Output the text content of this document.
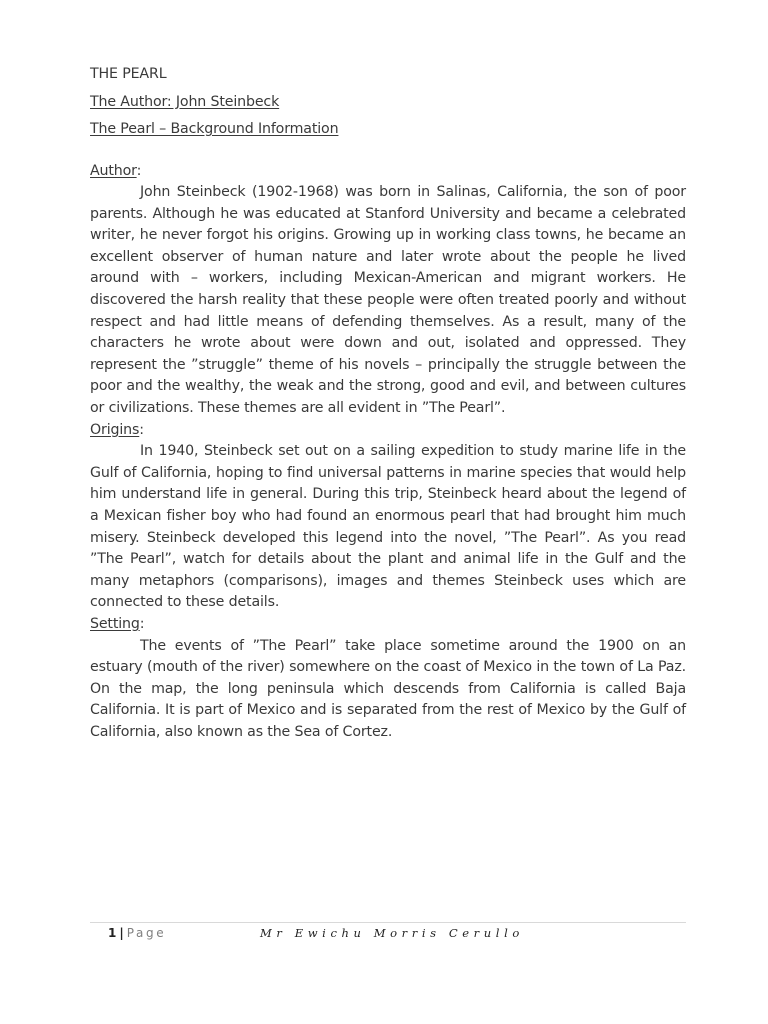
THE PEARL
The Author: John Steinbeck
The Pearl – Background Information
Author:

John Steinbeck (1902-1968) was born in Salinas, California, the son of poor parents. Although he was educated at Stanford University and became a celebrated writer, he never forgot his origins. Growing up in working class towns, he became an excellent observer of human nature and later wrote about the people he lived around with – workers, including Mexican-American and migrant workers. He discovered the harsh reality that these people were often treated poorly and without respect and had little means of defending themselves. As a result, many of the characters he wrote about were down and out, isolated and oppressed. They represent the ”struggle” theme of his novels – principally the struggle between the poor and the wealthy, the weak and the strong, good and evil, and between cultures or civilizations. These themes are all evident in ”The Pearl”.

Origins:

In 1940, Steinbeck set out on a sailing expedition to study marine life in the Gulf of California, hoping to find universal patterns in marine species that would help him understand life in general. During this trip, Steinbeck heard about the legend of a Mexican fisher boy who had found an enormous pearl that had brought him much misery. Steinbeck developed this legend into the novel, ”The Pearl”. As you read ”The Pearl”, watch for details about the plant and animal life in the Gulf and the many metaphors (comparisons), images and themes Steinbeck uses which are connected to these details.

Setting:

The events of ”The Pearl” take place sometime around the 1900 on an estuary (mouth of the river) somewhere on the coast of Mexico in the town of La Paz. On the map, the long peninsula which descends from California is called Baja California. It is part of Mexico and is separated from the rest of Mexico by the Gulf of California, also known as the Sea of Cortez.

1 | Page	Mr Ewichu Morris Cerullo
